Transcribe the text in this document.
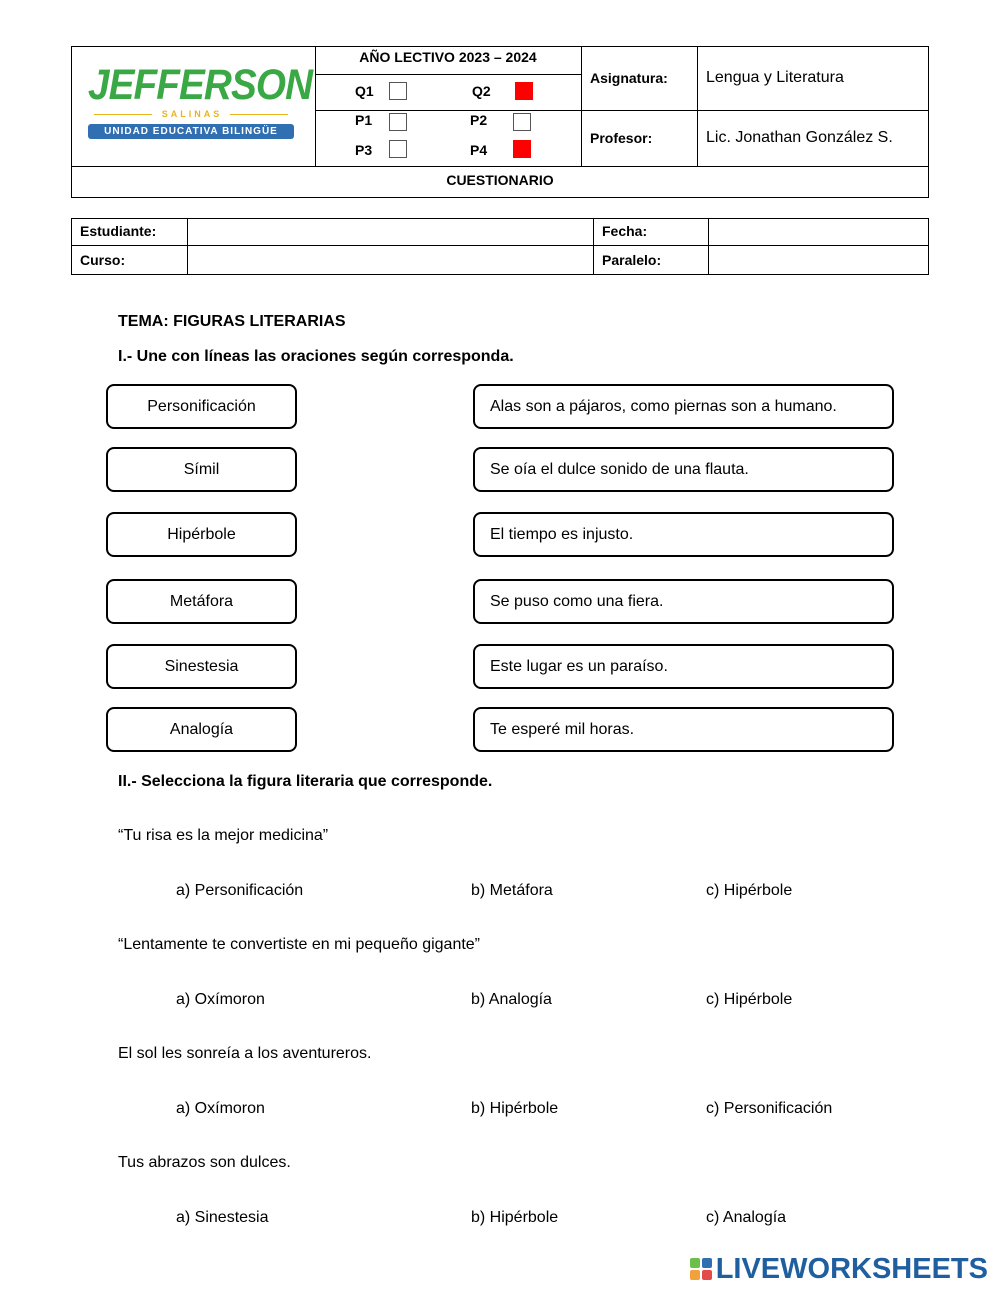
JEFFERSON
SALINAS
UNIDAD EDUCATIVA BILINGÜE
AÑO LECTIVO 2023 – 2024
Q1	Q2
P1	P2
P3	P4
Asignatura: Lengua y Literatura
Profesor:	Lic. Jonathan González S.
CUESTIONARIO
Estudiante:	Fecha:
Curso:	Paralelo:
TEMA: FIGURAS LITERARIAS
I.- Une con líneas las oraciones según corresponda.
Personificación
Símil
Hipérbole
Metáfora
Sinestesia
Analogía
Alas son a pájaros, como piernas son a humano.
Se oía el dulce sonido de una flauta.
El tiempo es injusto.
Se puso como una fiera.
Este lugar es un paraíso.
Te esperé mil horas.
II.- Selecciona la figura literaria que corresponde.
“Tu risa es la mejor medicina”
a) Personificación	b) Metáfora	c) Hipérbole
“Lentamente te convertiste en mi pequeño gigante”
a) Oxímoron	b) Analogía	c) Hipérbole
El sol les sonreía a los aventureros.
a) Oxímoron	b) Hipérbole	c) Personificación
Tus abrazos son dulces.
a) Sinestesia	b) Hipérbole	c) Analogía
LIVEWORKSHEETS
